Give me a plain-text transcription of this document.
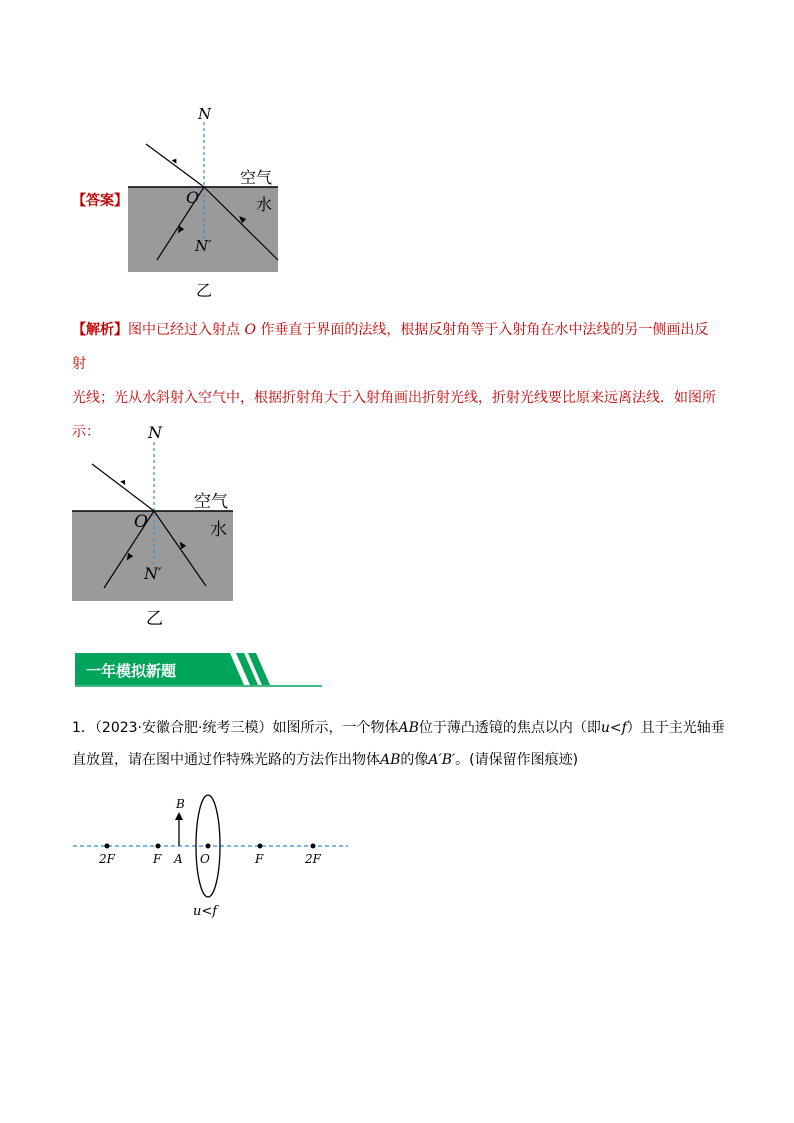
【答案】
N
O
空气
水
N′
乙
【解析】图中已经过入射点 O 作垂直于界面的法线，根据反射角等于入射角在水中法线的另一侧画出反射
光线；光从水斜射入空气中，根据折射角大于入射角画出折射光线，折射光线要比原来远离法线．如图所
示：	N
O
空气
水
N′
乙
一年模拟新题
1．（2023·安徽合肥·统考三模）如图所示，一个物体AB位于薄凸透镜的焦点以内（即u<f）且于主光轴垂
直放置，请在图中通过作特殊光路的方法作出物体AB的像A′B′。(请保留作图痕迹)
B
2F	F A O	F	2F
u<f
